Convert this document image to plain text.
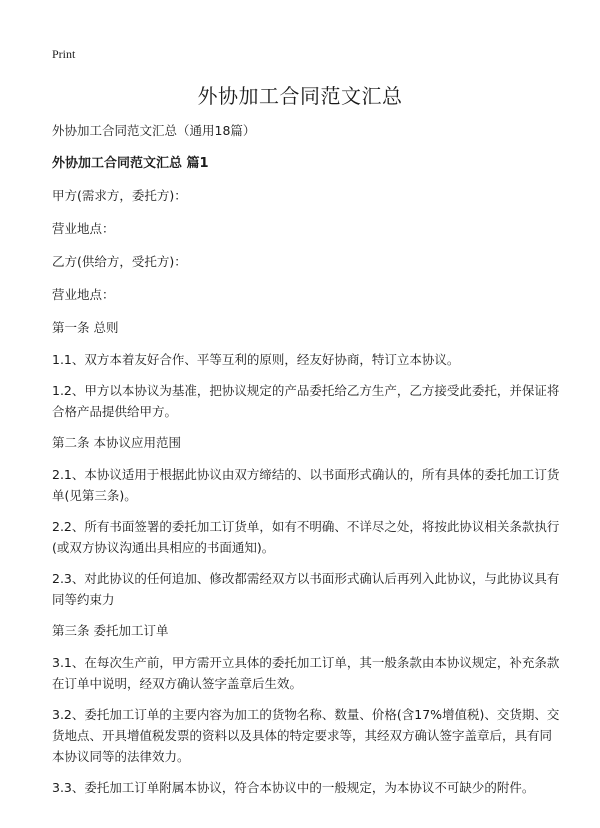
Print
外协加工合同范文汇总

外协加工合同范文汇总（通用18篇）

外协加工合同范文汇总 篇1

甲方(需求方，委托方)：

营业地点：

乙方(供给方，受托方)：

营业地点：

第一条 总则

1.1、双方本着友好合作、平等互利的原则，经友好协商，特订立本协议。

1.2、甲方以本协议为基准，把协议规定的产品委托给乙方生产，乙方接受此委托，并保证将合格产品提供给甲方。

第二条 本协议应用范围

2.1、本协议适用于根据此协议由双方缔结的、以书面形式确认的，所有具体的委托加工订货单(见第三条)。

2.2、所有书面签署的委托加工订货单，如有不明确、不详尽之处，将按此协议相关条款执行(或双方协议沟通出具相应的书面通知)。

2.3、对此协议的任何追加、修改都需经双方以书面形式确认后再列入此协议，与此协议具有同等约束力

第三条 委托加工订单

3.1、在每次生产前，甲方需开立具体的委托加工订单，其一般条款由本协议规定，补充条款在订单中说明，经双方确认签字盖章后生效。

3.2、委托加工订单的主要内容为加工的货物名称、数量、价格(含17%增值税)、交货期、交货地点、开具增值税发票的资料以及具体的特定要求等，其经双方确认签字盖章后，具有同本协议同等的法律效力。

3.3、委托加工订单附属本协议，符合本协议中的一般规定，为本协议不可缺少的附件。
